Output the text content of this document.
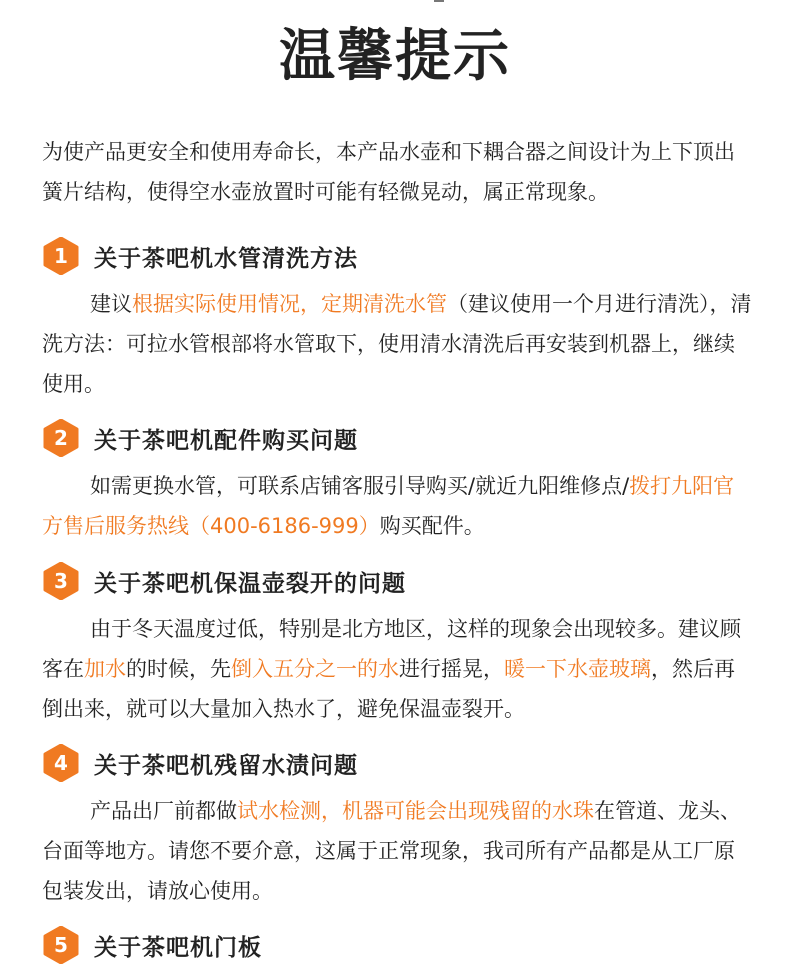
温馨提示
为使产品更安全和使用寿命长，本产品水壶和下耦合器之间设计为上下顶出簧片结构，使得空水壶放置时可能有轻微晃动，属正常现象。
1	关于茶吧机水管清洗方法
建议根据实际使用情况，定期清洗水管（建议使用一个月进行清洗），清洗方法：可拉水管根部将水管取下，使用清水清洗后再安装到机器上，继续使用。
2	关于茶吧机配件购买问题
如需更换水管，可联系店铺客服引导购买/就近九阳维修点/拨打九阳官方售后服务热线（400-6186-999）购买配件。
3	关于茶吧机保温壶裂开的问题
由于冬天温度过低，特别是北方地区，这样的现象会出现较多。建议顾客在加水的时候，先倒入五分之一的水进行摇晃，暖一下水壶玻璃，然后再倒出来，就可以大量加入热水了，避免保温壶裂开。
4	关于茶吧机残留水渍问题
产品出厂前都做试水检测，机器可能会出现残留的水珠在管道、龙头、台面等地方。请您不要介意，这属于正常现象，我司所有产品都是从工厂原包装发出，请放心使用。
5	关于茶吧机门板
